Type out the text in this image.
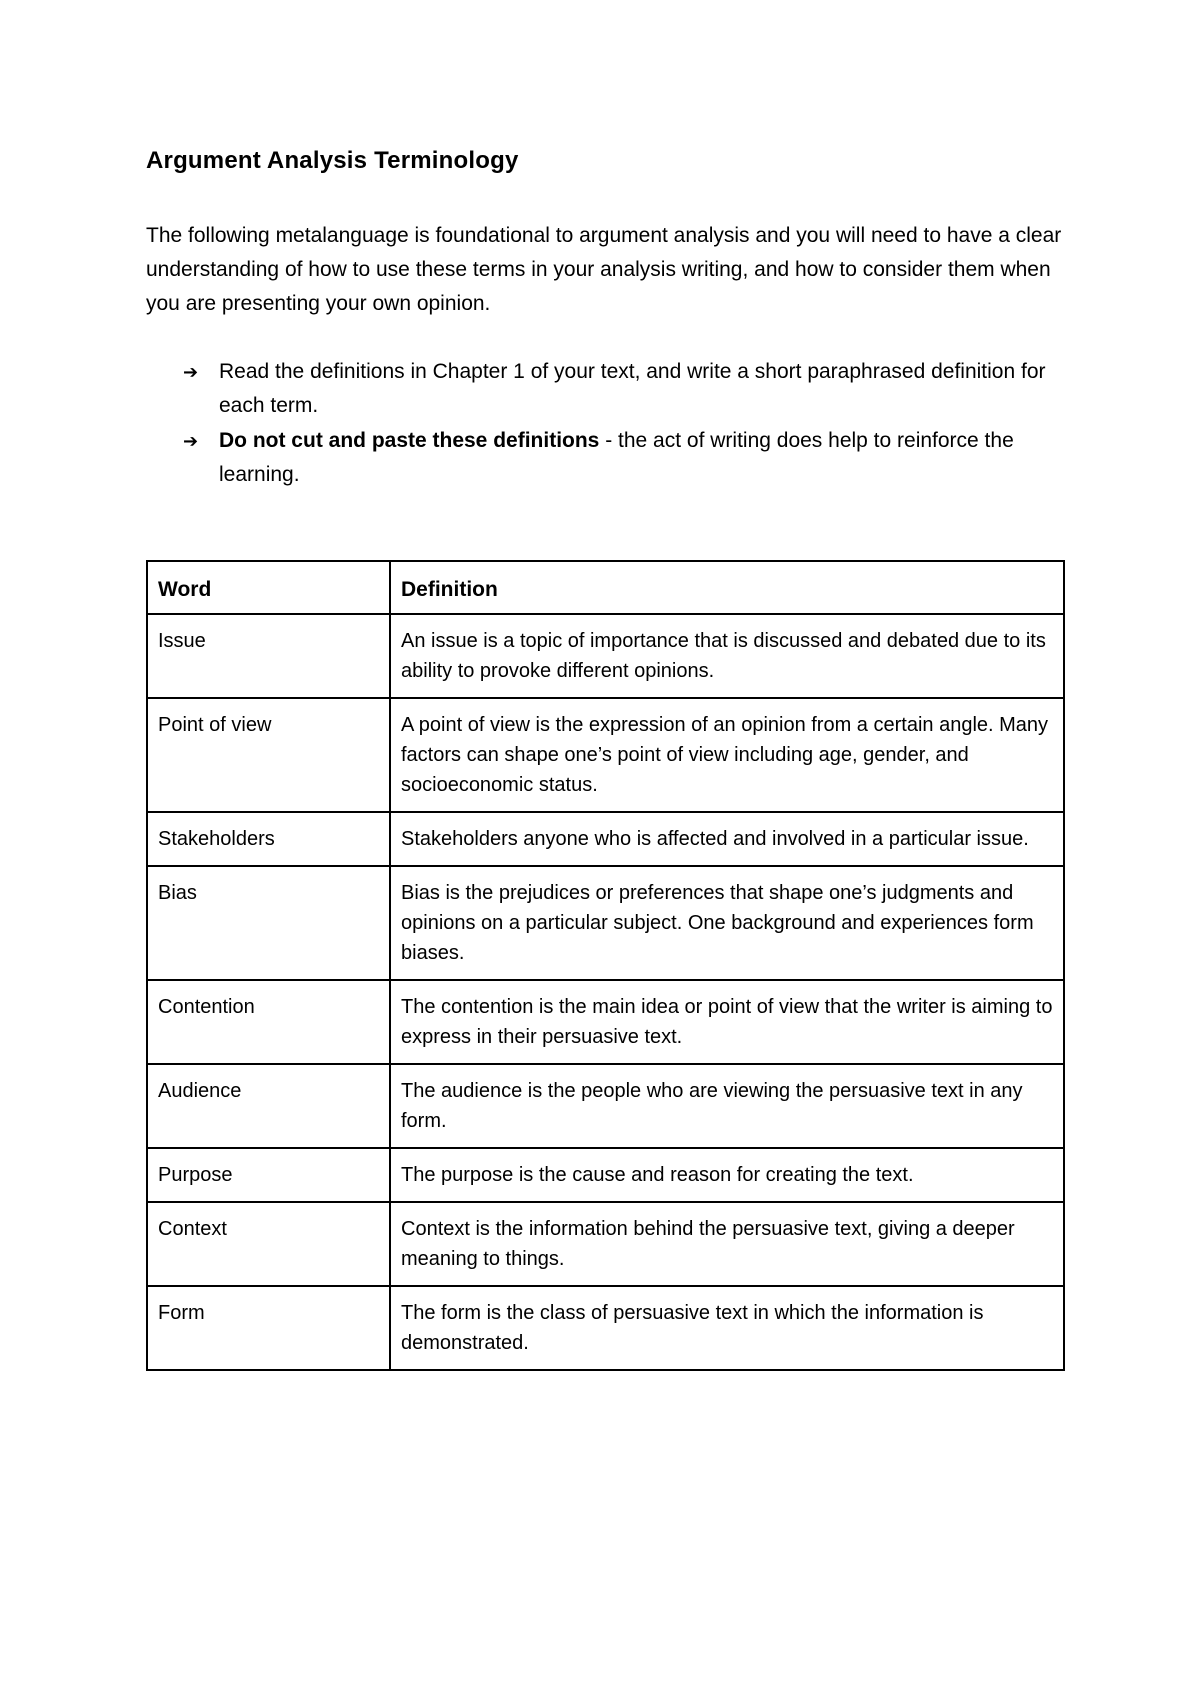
Argument Analysis Terminology
The following metalanguage is foundational to argument analysis and you will need to have a clear understanding of how to use these terms in your analysis writing, and how to consider them when you are presenting your own opinion.
➔ Read the definitions in Chapter 1 of your text, and write a short paraphrased definition for each term.
➔ Do not cut and paste these definitions - the act of writing does help to reinforce the learning.
Word	Definition
Issue	An issue is a topic of importance that is discussed and debated due to its ability to provoke different opinions.
Point of view	A point of view is the expression of an opinion from a certain angle. Many factors can shape one’s point of view including age, gender, and socioeconomic status.
Stakeholders	Stakeholders anyone who is affected and involved in a particular issue.
Bias	Bias is the prejudices or preferences that shape one’s judgments and opinions on a particular subject. One background and experiences form biases.
Contention	The contention is the main idea or point of view that the writer is aiming to express in their persuasive text.
Audience	The audience is the people who are viewing the persuasive text in any form.
Purpose	The purpose is the cause and reason for creating the text.
Context	Context is the information behind the persuasive text, giving a deeper meaning to things.
Form	The form is the class of persuasive text in which the information is demonstrated.
